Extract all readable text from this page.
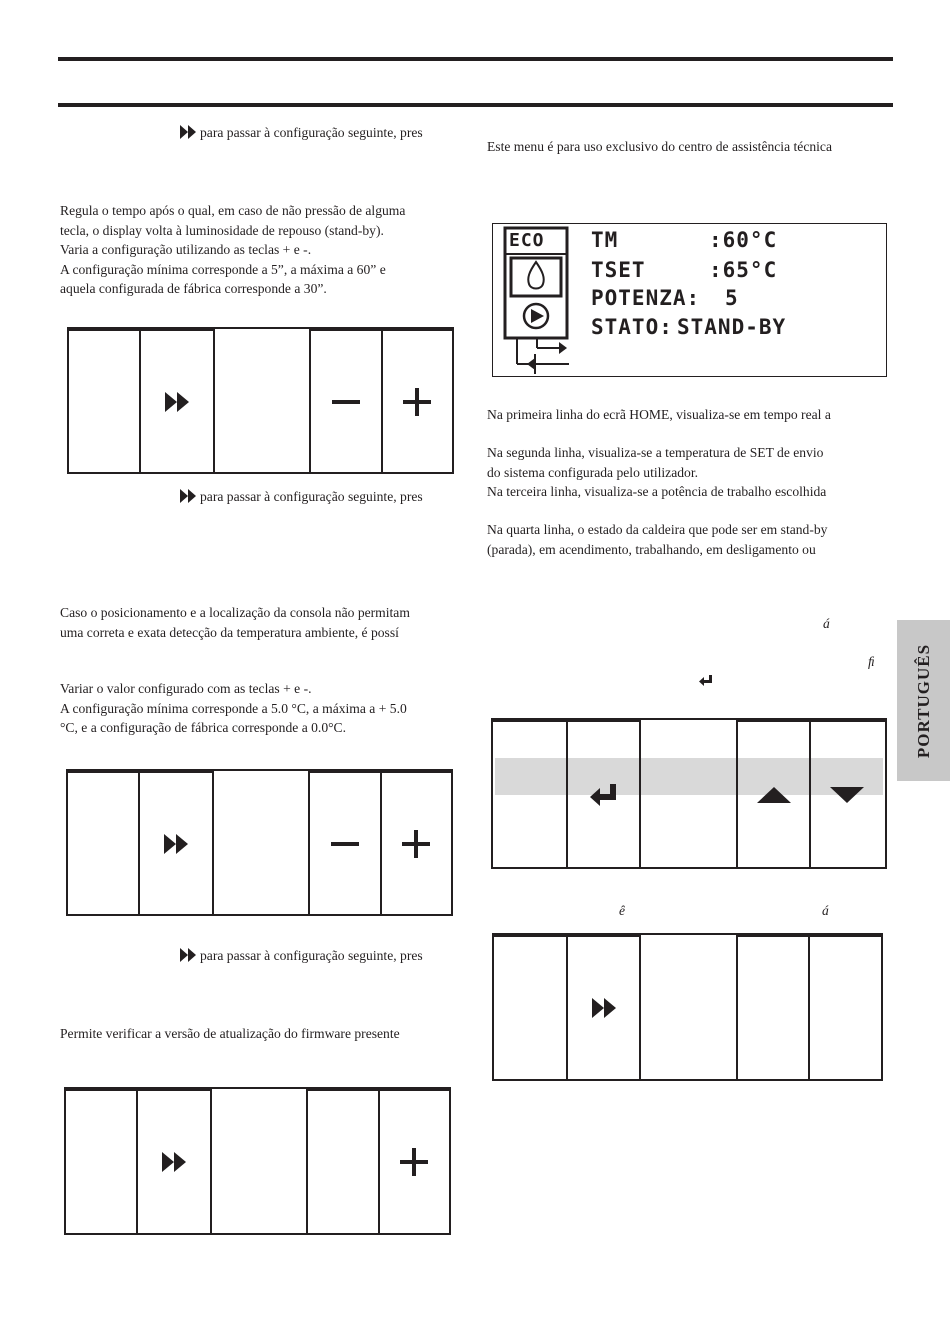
para passar à configuração seguinte, pres
Regula o tempo após o qual, em caso de não pressão de alguma
tecla, o display volta à luminosidade de repouso (stand-by).
Varia a configuração utilizando as teclas + e -.
A configuração mínima corresponde a 5”, a máxima a 60” e
aquela configurada de fábrica corresponde a 30”.
para passar à configuração seguinte, pres
Caso o posicionamento e a localização da consola não permitam
uma correta e exata detecção da temperatura ambiente, é possí
Variar o valor configurado com as teclas + e -.
A configuração mínima corresponde a 5.0 °C, a máxima a + 5.0
°C, e a configuração de fábrica corresponde a 0.0°C.
para passar à configuração seguinte, pres
Permite verificar a versão de atualização do firmware presente
Este menu é para uso exclusivo do centro de assistência técnica
ECO TM	:60°C
TSET	:65°C
POTENZA: 5
STATO: STAND-BY
Na primeira linha do ecrã HOME, visualiza-se em tempo real a
Na segunda linha, visualiza-se a temperatura de SET de envio
do sistema configurada pelo utilizador.
Na terceira linha, visualiza-se a potência de trabalho escolhida
Na quarta linha, o estado da caldeira que pode ser em stand-by
(parada), em acendimento, trabalhando, em desligamento ou
á
ﬁ
ê	á
PORTUGUÊS
